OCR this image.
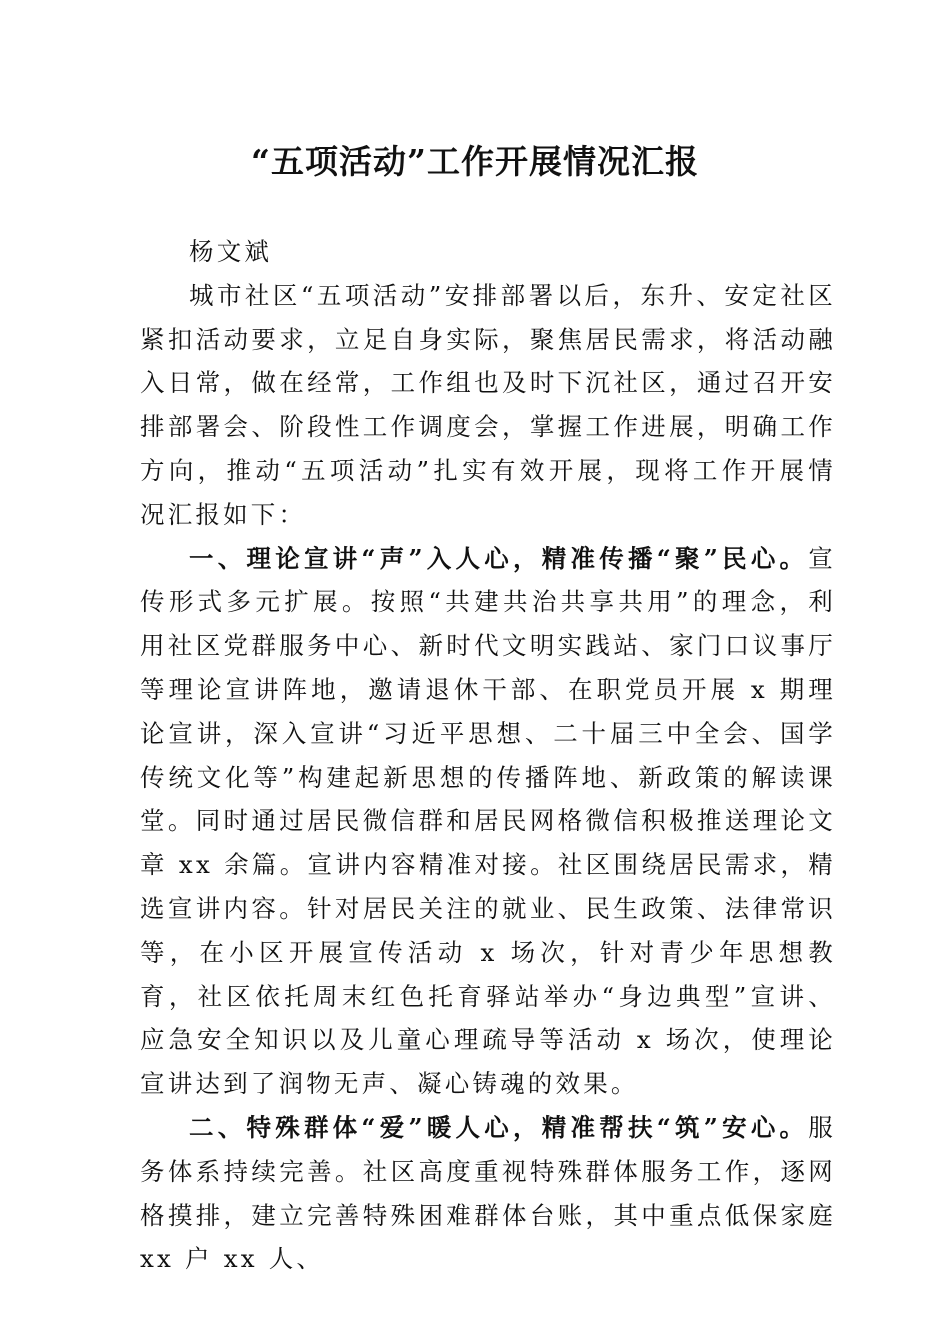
“五项活动”工作开展情况汇报

杨文斌

城市社区“五项活动”安排部署以后，东升、安定社区紧扣活动要求，立足自身实际，聚焦居民需求，将活动融入日常，做在经常，工作组也及时下沉社区，通过召开安排部署会、阶段性工作调度会，掌握工作进展，明确工作方向，推动“五项活动”扎实有效开展，现将工作开展情况汇报如下：

一、理论宣讲“声”入人心，精准传播“聚”民心。宣传形式多元扩展。按照“共建共治共享共用”的理念，利用社区党群服务中心、新时代文明实践站、家门口议事厅等理论宣讲阵地，邀请退休干部、在职党员开展 x 期理论宣讲，深入宣讲“习近平思想、二十届三中全会、国学传统文化等”构建起新思想的传播阵地、新政策的解读课堂。同时通过居民微信群和居民网格微信积极推送理论文章 xx 余篇。宣讲内容精准对接。社区围绕居民需求，精选宣讲内容。针对居民关注的就业、民生政策、法律常识等，在小区开展宣传活动 x 场次，针对青少年思想教育，社区依托周末红色托育驿站举办“身边典型”宣讲、应急安全知识以及儿童心理疏导等活动 x 场次，使理论宣讲达到了润物无声、凝心铸魂的效果。

二、特殊群体“爱”暖人心，精准帮扶“筑”安心。服务体系持续完善。社区高度重视特殊群体服务工作，逐网格摸排，建立完善特殊困难群体台账，其中重点低保家庭 xx 户 xx 人、
